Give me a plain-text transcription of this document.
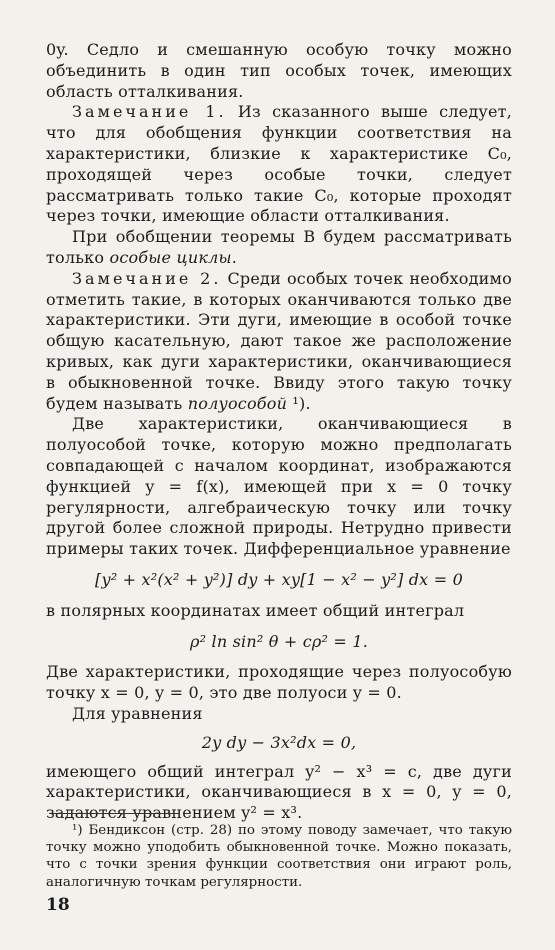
0y. Седло и смешанную особую точку можно объединить в один тип особых точек, имеющих область отталкивания.

Замечание 1. Из сказанного выше следует, что для обобщения функции соответствия на характеристики, близкие к характеристике C₀, проходящей через особые точки, следует рассматривать только такие C₀, которые проходят через точки, имеющие области отталкивания.

При обобщении теоремы В будем рассматривать только особые циклы.

Замечание 2. Среди особых точек необходимо отметить такие, в которых оканчиваются только две характеристики. Эти дуги, имеющие в особой точке общую касательную, дают такое же расположение кривых, как дуги характеристики, оканчивающиеся в обыкновенной точке. Ввиду этого такую точку будем называть полуособой ¹).

Две характеристики, оканчивающиеся в полуособой точке, которую можно предполагать совпадающей с началом координат, изображаются функцией y = f(x), имеющей при x = 0 точку регулярности, алгебраическую точку или точку другой более сложной природы. Нетрудно привести примеры таких точек. Дифференциальное уравнение

[y² + x²(x² + y²)] dy + xy[1 − x² − y²] dx = 0

в полярных координатах имеет общий интеграл

ρ² ln sin² θ + cρ² = 1.

Две характеристики, проходящие через полуособую точку x = 0, y = 0, это две полуоси y = 0.

Для уравнения

2y dy − 3x²dx = 0,

имеющего общий интеграл y² − x³ = c, две дуги характеристики, оканчивающиеся в x = 0, y = 0, задаются уравнением y² = x³.

¹) Бендиксон (стр. 28) по этому поводу замечает, что такую точку можно уподобить обыкновенной точке. Можно показать, что с точки зрения функции соответствия они играют роль, аналогичную точкам регулярности.

18
